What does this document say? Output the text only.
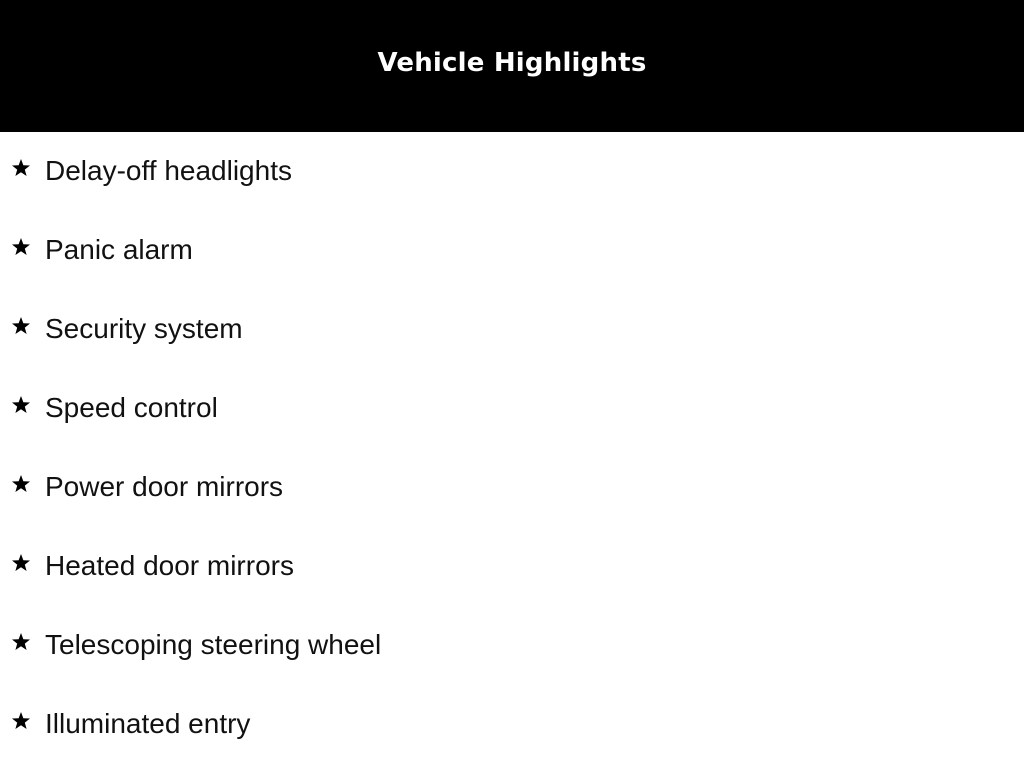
Vehicle Highlights
Delay-off headlights
Panic alarm
Security system
Speed control
Power door mirrors
Heated door mirrors
Telescoping steering wheel
Illuminated entry
